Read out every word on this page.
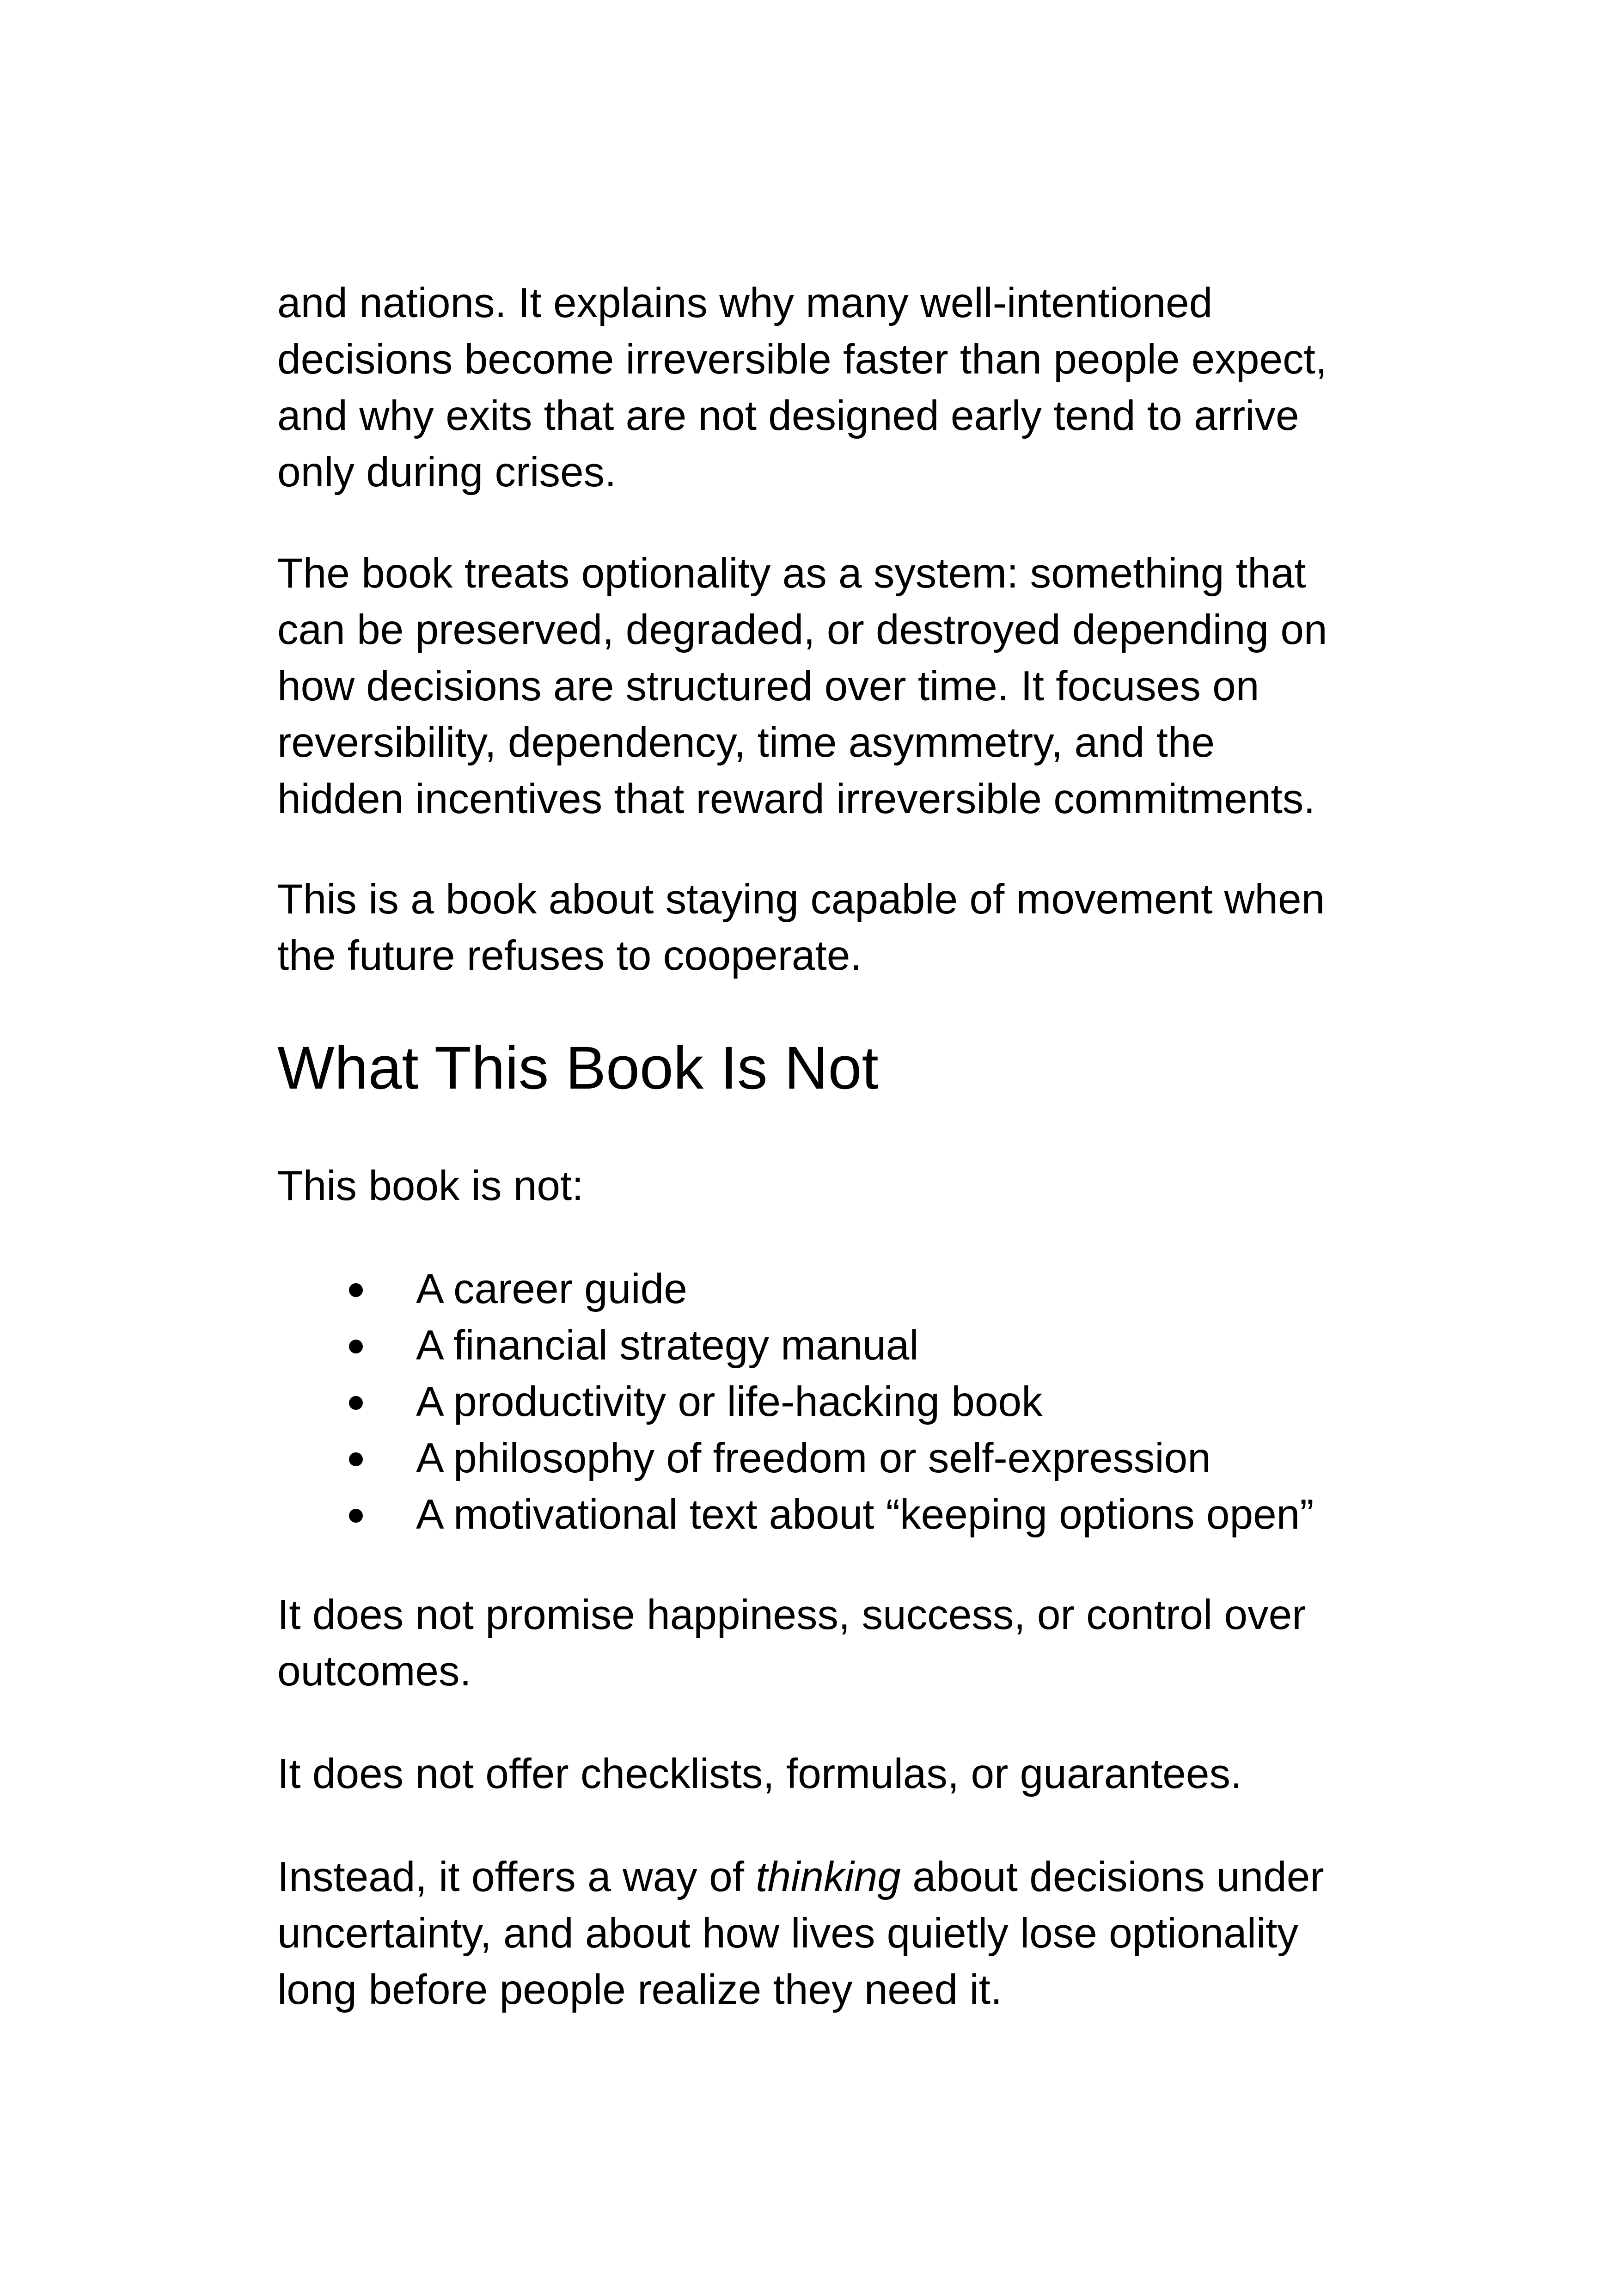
and nations. It explains why many well-intentioned
decisions become irreversible faster than people expect,
and why exits that are not designed early tend to arrive
only during crises.

The book treats optionality as a system: something that
can be preserved, degraded, or destroyed depending on
how decisions are structured over time. It focuses on
reversibility, dependency, time asymmetry, and the
hidden incentives that reward irreversible commitments.

This is a book about staying capable of movement when
the future refuses to cooperate.

What This Book Is Not

This book is not:

A career guide
A financial strategy manual
A productivity or life-hacking book
A philosophy of freedom or self-expression
A motivational text about “keeping options open”

It does not promise happiness, success, or control over
outcomes.

It does not offer checklists, formulas, or guarantees.

Instead, it offers a way of thinking about decisions under
uncertainty, and about how lives quietly lose optionality
long before people realize they need it.
